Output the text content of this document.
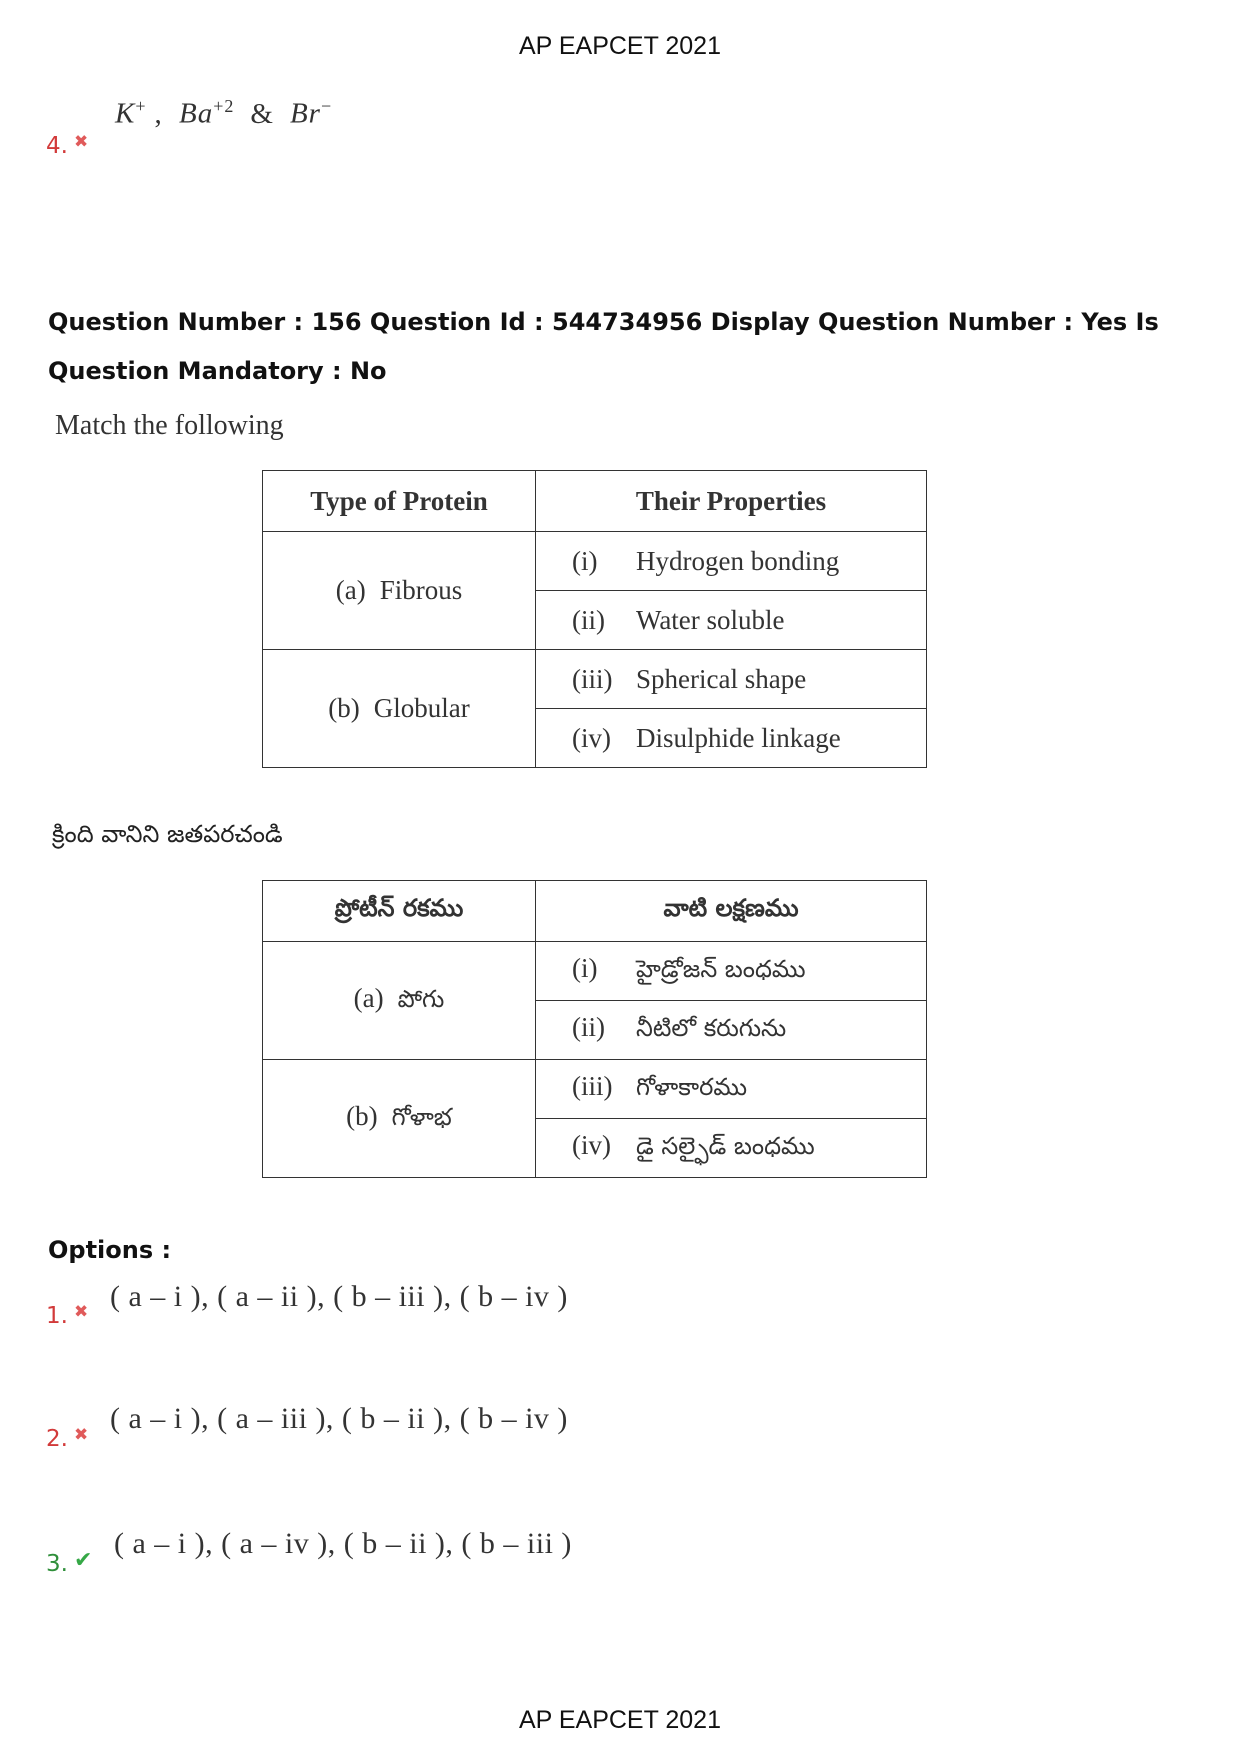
AP EAPCET 2021
4. ✖
K+ , $Ba^{+2}$ & Br−
Question Number : 156 Question Id : 544734956 Display Question Number : Yes Is Question Mandatory : No
Match the following
Type of Protein	Their Properties
(a) Fibrous	(i) Hydrogen bonding
	(ii) Water soluble
(b) Globular	(iii) Spherical shape
	(iv) Disulphide linkage
క్రింది వానిని జతపరచండి
ప్రోటీన్ రకము	వాటి లక్షణము
(a) పోగు	(i) హైడ్రోజన్ బంధము
	(ii) నీటిలో కరుగును
(b) గోళాభ	(iii) గోళాకారము
	(iv) డై సల్ఫైడ్ బంధము
Options :
1. ✖ ( a – i ), ( a – ii ), ( b – iii ), ( b – iv )
2. ✖ ( a – i ), ( a – iii ), ( b – ii ), ( b – iv )
3. ✔
( a – i ), ( a – iv ), ( b – ii ), ( b – iii )
AP EAPCET 2021
